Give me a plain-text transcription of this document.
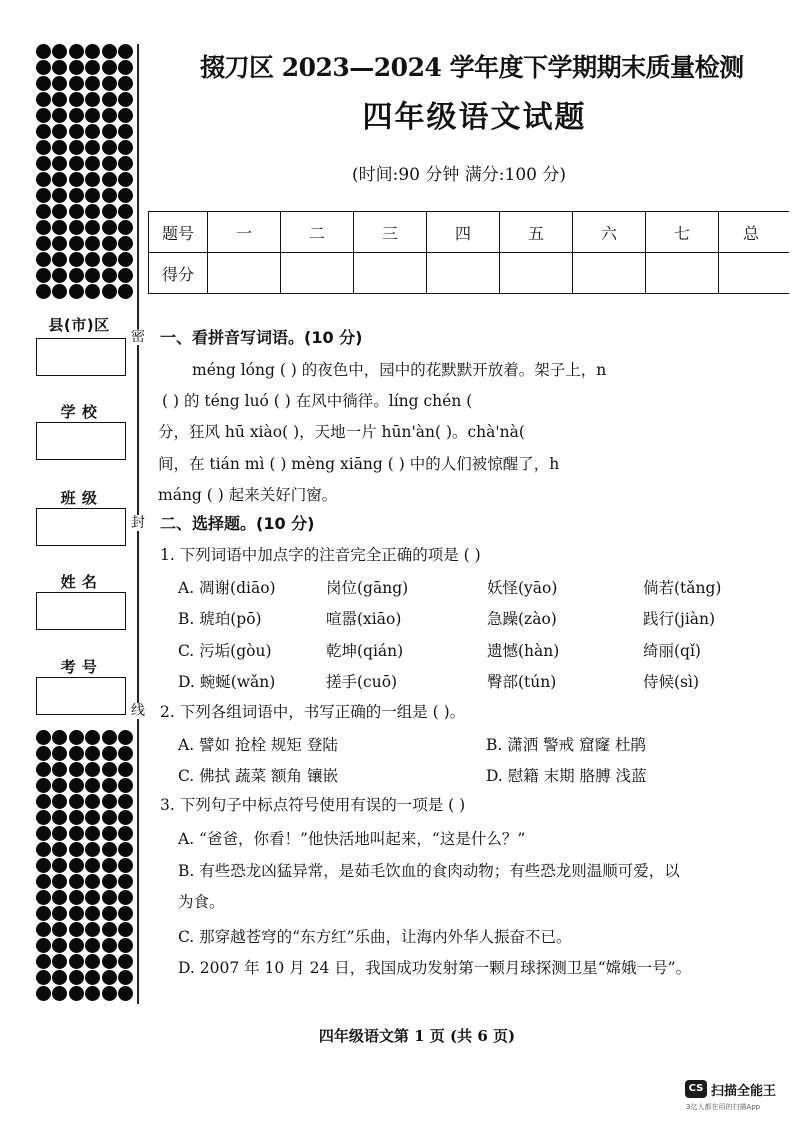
密
封
线
县(市)区
学 校
班 级
姓 名
考 号
掇刀区 2023—2024 学年度下学期期末质量检测
四年级语文试题
(时间:90 分钟 满分:100 分)
题号	一	二	三	四	五	六	七	总
得分								
一、看拼音写词语。(10 分)
méng lóng ( ) 的夜色中，园中的花默默开放着。架子上，n
( ) 的 téng luó ( ) 在风中徜徉。líng chén (
分，狂风 hū xiào( )，天地一片 hūn'àn( )。chà'nà(
间，在 tián mì ( ) mèng xiāng ( ) 中的人们被惊醒了，h
máng ( ) 起来关好门窗。
二、选择题。(10 分)
1. 下列词语中加点字的注音完全正确的项是 ( )
A. 凋谢(diāo)	岗位(gāng)	妖怪(yāo)	倘若(tǎng)
B. 琥珀(pō)	喧嚣(xiāo)	急躁(zào)	践行(jiàn)
C. 污垢(gòu)	乾坤(qián)	遗憾(hàn)	绮丽(qǐ)
D. 蜿蜒(wǎn)	搓手(cuō)	臀部(tún)	侍候(sì)
2. 下列各组词语中，书写正确的一组是 ( )。
A. 譬如 抢栓 规矩 登陆	B. 潇洒 警戒 窟窿 杜鹃
C. 佛拭 蔬菜 额角 镶嵌	D. 慰籍 末期 胳膊 浅蓝
3. 下列句子中标点符号使用有误的一项是 ( )
A. “爸爸，你看！”他快活地叫起来，“这是什么？”
B. 有些恐龙凶猛异常，是茹毛饮血的食肉动物；有些恐龙则温顺可爱，以
为食。
C. 那穿越苍穹的“东方红”乐曲，让海内外华人振奋不已。
D. 2007 年 10 月 24 日，我国成功发射第一颗月球探测卫星“嫦娥一号”。
四年级语文第 1 页 (共 6 页)
CS 扫描全能王
3亿人都在用的扫描App
